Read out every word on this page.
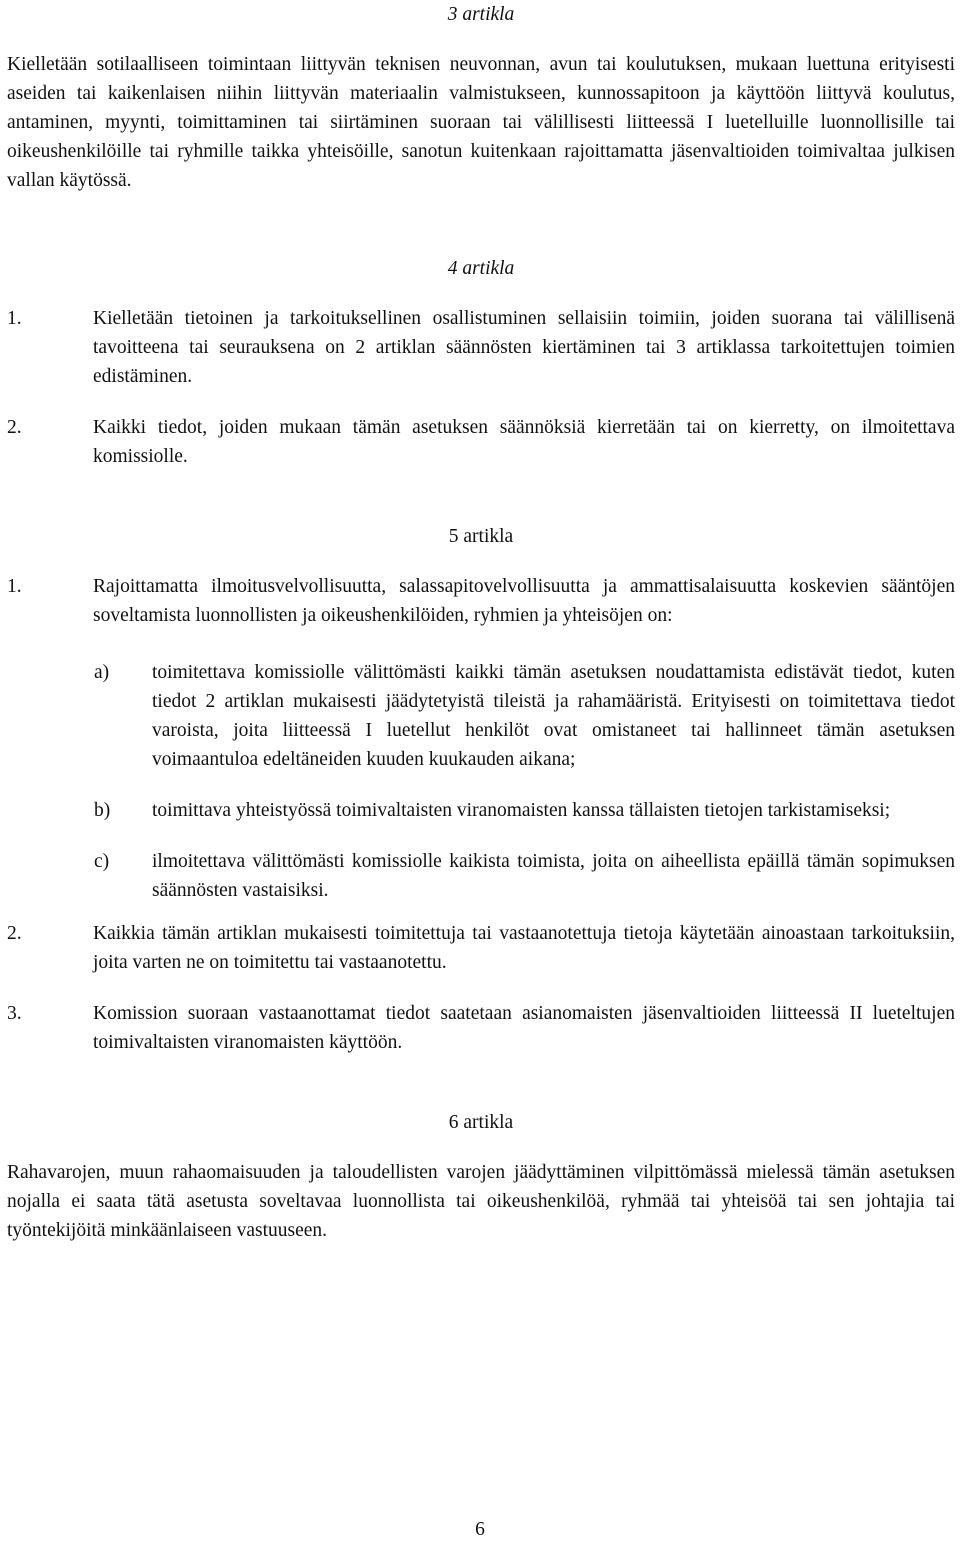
3 artikla

Kielletään sotilaalliseen toimintaan liittyvän teknisen neuvonnan, avun tai koulutuksen, mukaan luettuna erityisesti aseiden tai kaikenlaisen niihin liittyvän materiaalin valmistukseen, kunnossapitoon ja käyttöön liittyvä koulutus, antaminen, myynti, toimittaminen tai siirtäminen suoraan tai välillisesti liitteessä I luetelluille luonnollisille tai oikeushenkilöille tai ryhmille taikka yhteisöille, sanotun kuitenkaan rajoittamatta jäsenvaltioiden toimivaltaa julkisen vallan käytössä.

4 artikla

1.	Kielletään tietoinen ja tarkoituksellinen osallistuminen sellaisiin toimiin, joiden suorana tai välillisenä tavoitteena tai seurauksena on 2 artiklan säännösten kiertäminen tai 3 artiklassa tarkoitettujen toimien edistäminen.
2.	Kaikki tiedot, joiden mukaan tämän asetuksen säännöksiä kierretään tai on kierretty, on ilmoitettava komissiolle.

5 artikla

1.	Rajoittamatta ilmoitusvelvollisuutta, salassapitovelvollisuutta ja ammattisalaisuutta koskevien sääntöjen soveltamista luonnollisten ja oikeushenkilöiden, ryhmien ja yhteisöjen on:
a) toimitettava komissiolle välittömästi kaikki tämän asetuksen noudattamista edistävät tiedot, kuten tiedot 2 artiklan mukaisesti jäädytetyistä tileistä ja rahamääristä. Erityisesti on toimitettava tiedot varoista, joita liitteessä I luetellut henkilöt ovat omistaneet tai hallinneet tämän asetuksen voimaantuloa edeltäneiden kuuden kuukauden aikana;
b) toimittava yhteistyössä toimivaltaisten viranomaisten kanssa tällaisten tietojen tarkistamiseksi;
c) ilmoitettava välittömästi komissiolle kaikista toimista, joita on aiheellista epäillä tämän sopimuksen säännösten vastaisiksi.
2.	Kaikkia tämän artiklan mukaisesti toimitettuja tai vastaanotettuja tietoja käytetään ainoastaan tarkoituksiin, joita varten ne on toimitettu tai vastaanotettu.
3.	Komission suoraan vastaanottamat tiedot saatetaan asianomaisten jäsenvaltioiden liitteessä II lueteltujen toimivaltaisten viranomaisten käyttöön.

6 artikla

Rahavarojen, muun rahaomaisuuden ja taloudellisten varojen jäädyttäminen vilpittömässä mielessä tämän asetuksen nojalla ei saata tätä asetusta soveltavaa luonnollista tai oikeushenkilöä, ryhmää tai yhteisöä tai sen johtajia tai työntekijöitä minkäänlaiseen vastuuseen.

6
